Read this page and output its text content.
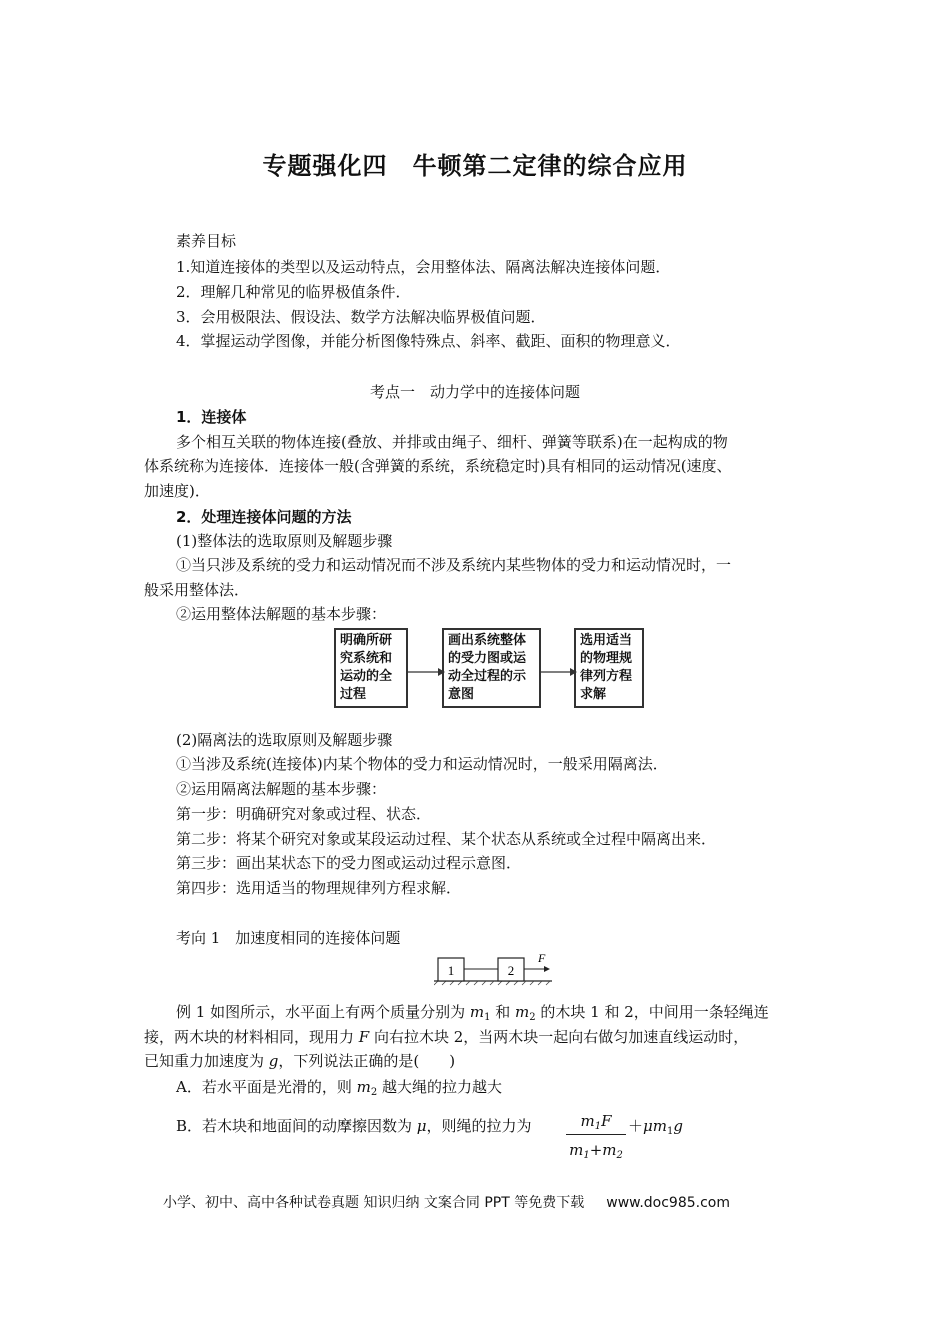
专题强化四　牛顿第二定律的综合应用
素养目标
1.知道连接体的类型以及运动特点，会用整体法、隔离法解决连接体问题．
2．理解几种常见的临界极值条件．
3．会用极限法、假设法、数学方法解决临界极值问题．
4．掌握运动学图像，并能分析图像特殊点、斜率、截距、面积的物理意义．
考点一　动力学中的连接体问题
1．连接体
多个相互关联的物体连接(叠放、并排或由绳子、细杆、弹簧等联系)在一起构成的物
体系统称为连接体．连接体一般(含弹簧的系统，系统稳定时)具有相同的运动情况(速度、
加速度)．
2．处理连接体问题的方法
(1)整体法的选取原则及解题步骤
①当只涉及系统的受力和运动情况而不涉及系统内某些物体的受力和运动情况时，一
般采用整体法．
②运用整体法解题的基本步骤：
明确所研
究系统和
运动的全
过程
画出系统整体
的受力图或运
动全过程的示
意图
选用适当
的物理规
律列方程
求解
(2)隔离法的选取原则及解题步骤
①当涉及系统(连接体)内某个物体的受力和运动情况时，一般采用隔离法．
②运用隔离法解题的基本步骤：
第一步：明确研究对象或过程、状态．
第二步：将某个研究对象或某段运动过程、某个状态从系统或全过程中隔离出来．
第三步：画出某状态下的受力图或运动过程示意图．
第四步：选用适当的物理规律列方程求解．
考向 1　加速度相同的连接体问题
1	2
F
例 1 如图所示，水平面上有两个质量分别为 $m_1$ 和 $m_2$ 的木块 1 和 2，中间用一条轻绳连
接，两木块的材料相同，现用力 F 向右拉木块 2，当两木块一起向右做匀加速直线运动时，
已知重力加速度为 g，下列说法正确的是(　　)
A．若水平面是光滑的，则 $m_2$ 越大绳的拉力越大
B．若木块和地面间的动摩擦因数为 μ，则绳的拉力为	$m_1F$
$m_1+m_2$
$+\mu m_1g$
小学、初中、高中各种试卷真题 知识归纳 文案合同 PPT 等免费下载 www.doc985.com
